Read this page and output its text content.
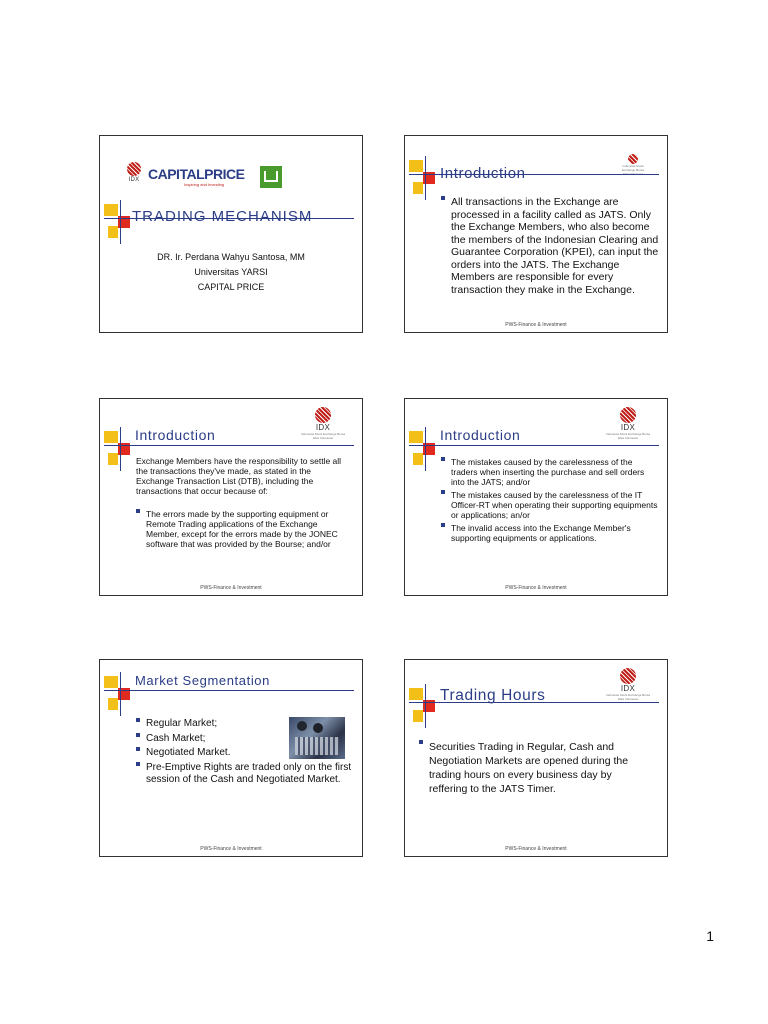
IDX CAPITALPRICE
Inspiring and Investing
TRADING MECHANISM
DR. Ir. Perdana Wahyu Santosa, MM
Universitas YARSI
CAPITAL PRICE
Indonesia Stock Exchange Bursa
Introduction
All transactions in the Exchange are processed in a facility called as JATS. Only the Exchange Members, who also become the members of the Indonesian Clearing and Guarantee Corporation (KPEI), can input the orders into the JATS. The Exchange Members are responsible for every transaction they make in the Exchange.
PWS-Finance & Investment
IDX
Indonesia Stock Exchange Bursa Efek Indonesia
Introduction
Exchange Members have the responsibility to settle all the transactions they've made, as stated in the Exchange Transaction List (DTB), including the transactions that occur because of:
The errors made by the supporting equipment or Remote Trading applications of the Exchange Member, except for the errors made by the JONEC software that was provided by the Bourse; and/or
PWS-Finance & Investment
IDX
Indonesia Stock Exchange Bursa Efek Indonesia
Introduction
The mistakes caused by the carelessness of the traders when inserting the purchase and sell orders into the JATS; and/or
The mistakes caused by the carelessness of the IT Officer-RT when operating their supporting equipments or applications; an/or
The invalid access into the Exchange Member's supporting equipments or applications.
PWS-Finance & Investment
Market Segmentation
Regular Market;
Cash Market;
Negotiated Market.
Pre-Emptive Rights are traded only on the first session of the Cash and Negotiated Market.
PWS-Finance & Investment
IDX
Indonesia Stock Exchange Bursa Efek Indonesia
Trading Hours
Securities Trading in Regular, Cash and Negotiation Markets are opened during the trading hours on every business day by reffering to the JATS Timer.
PWS-Finance & Investment
1
